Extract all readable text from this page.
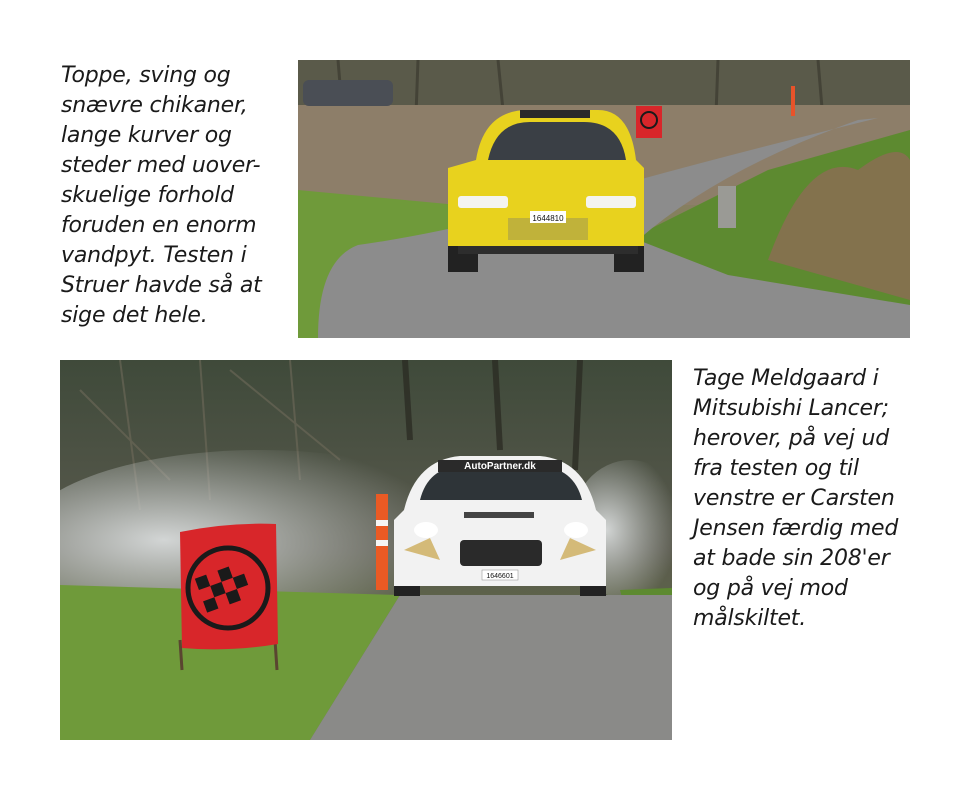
Toppe, sving og
snævre chikaner,
lange kurver og
steder med uover-
skuelige forhold
foruden en enorm
vandpyt. Testen i
Struer havde så at
sige det hele.
1644810
AutoPartner.dk
1646601
Tage Meldgaard i
Mitsubishi Lancer;
herover, på vej ud
fra testen og til
venstre er Carsten
Jensen færdig med
at bade sin 208'er
og på vej mod
målskiltet.
